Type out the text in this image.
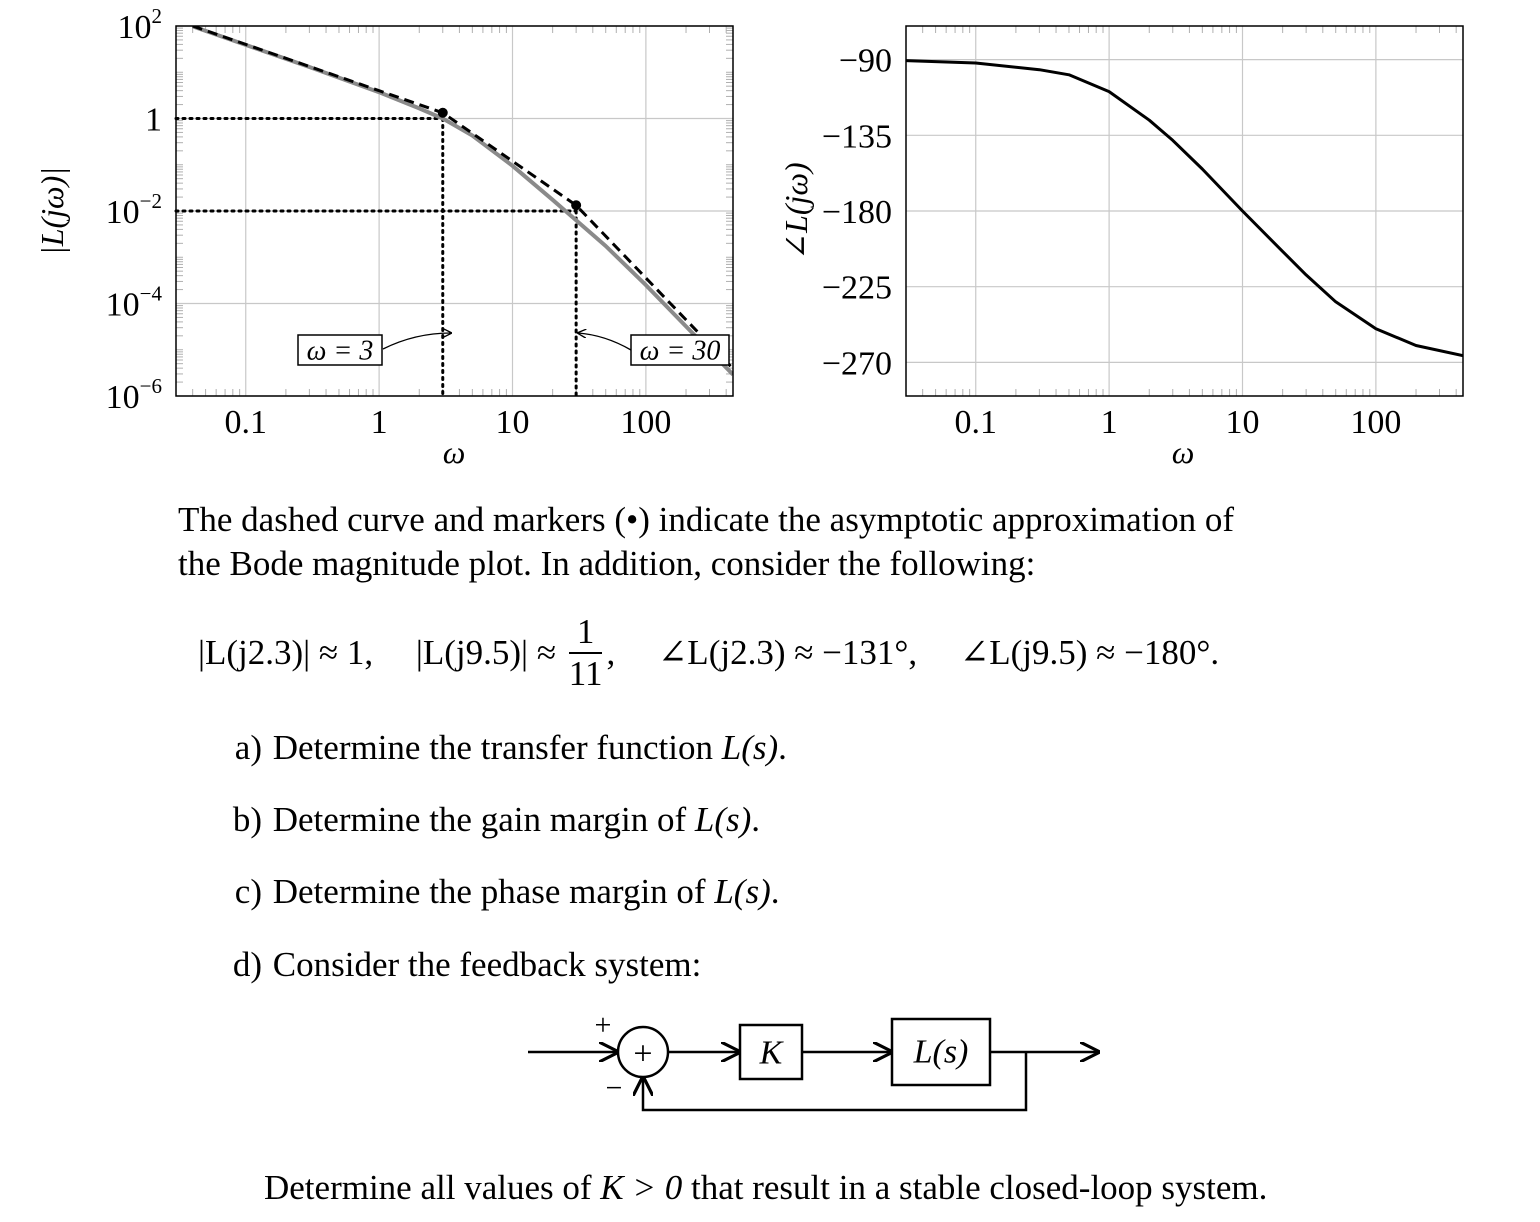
$10^2$
1
$10^{-2}$
$10^{-4}$
$10^{-6}$
0.1	1	10	100
|L(jω)|
ω
ω = 3	ω = 30
−90
−135
−180
−225
−270
0.1	1	10	100
∠L(jω)
ω

The dashed curve and markers (•) indicate the asymptotic approximation of
the Bode magnitude plot. In addition, consider the following:

|L(j2.3)| ≈ 1, $|L(j9.5)| \approx \frac{1}{11}$ , ∠L(j2.3) ≈ −131°, ∠L(j9.5) ≈ −180°.
a) Determine the transfer function L(s).
b) Determine the gain margin of L(s).
c) Determine the phase margin of L(s).
d) Consider the feedback system:
+
+
−
K	L(s)
Determine all values of K > 0 that result in a stable closed-loop system.
